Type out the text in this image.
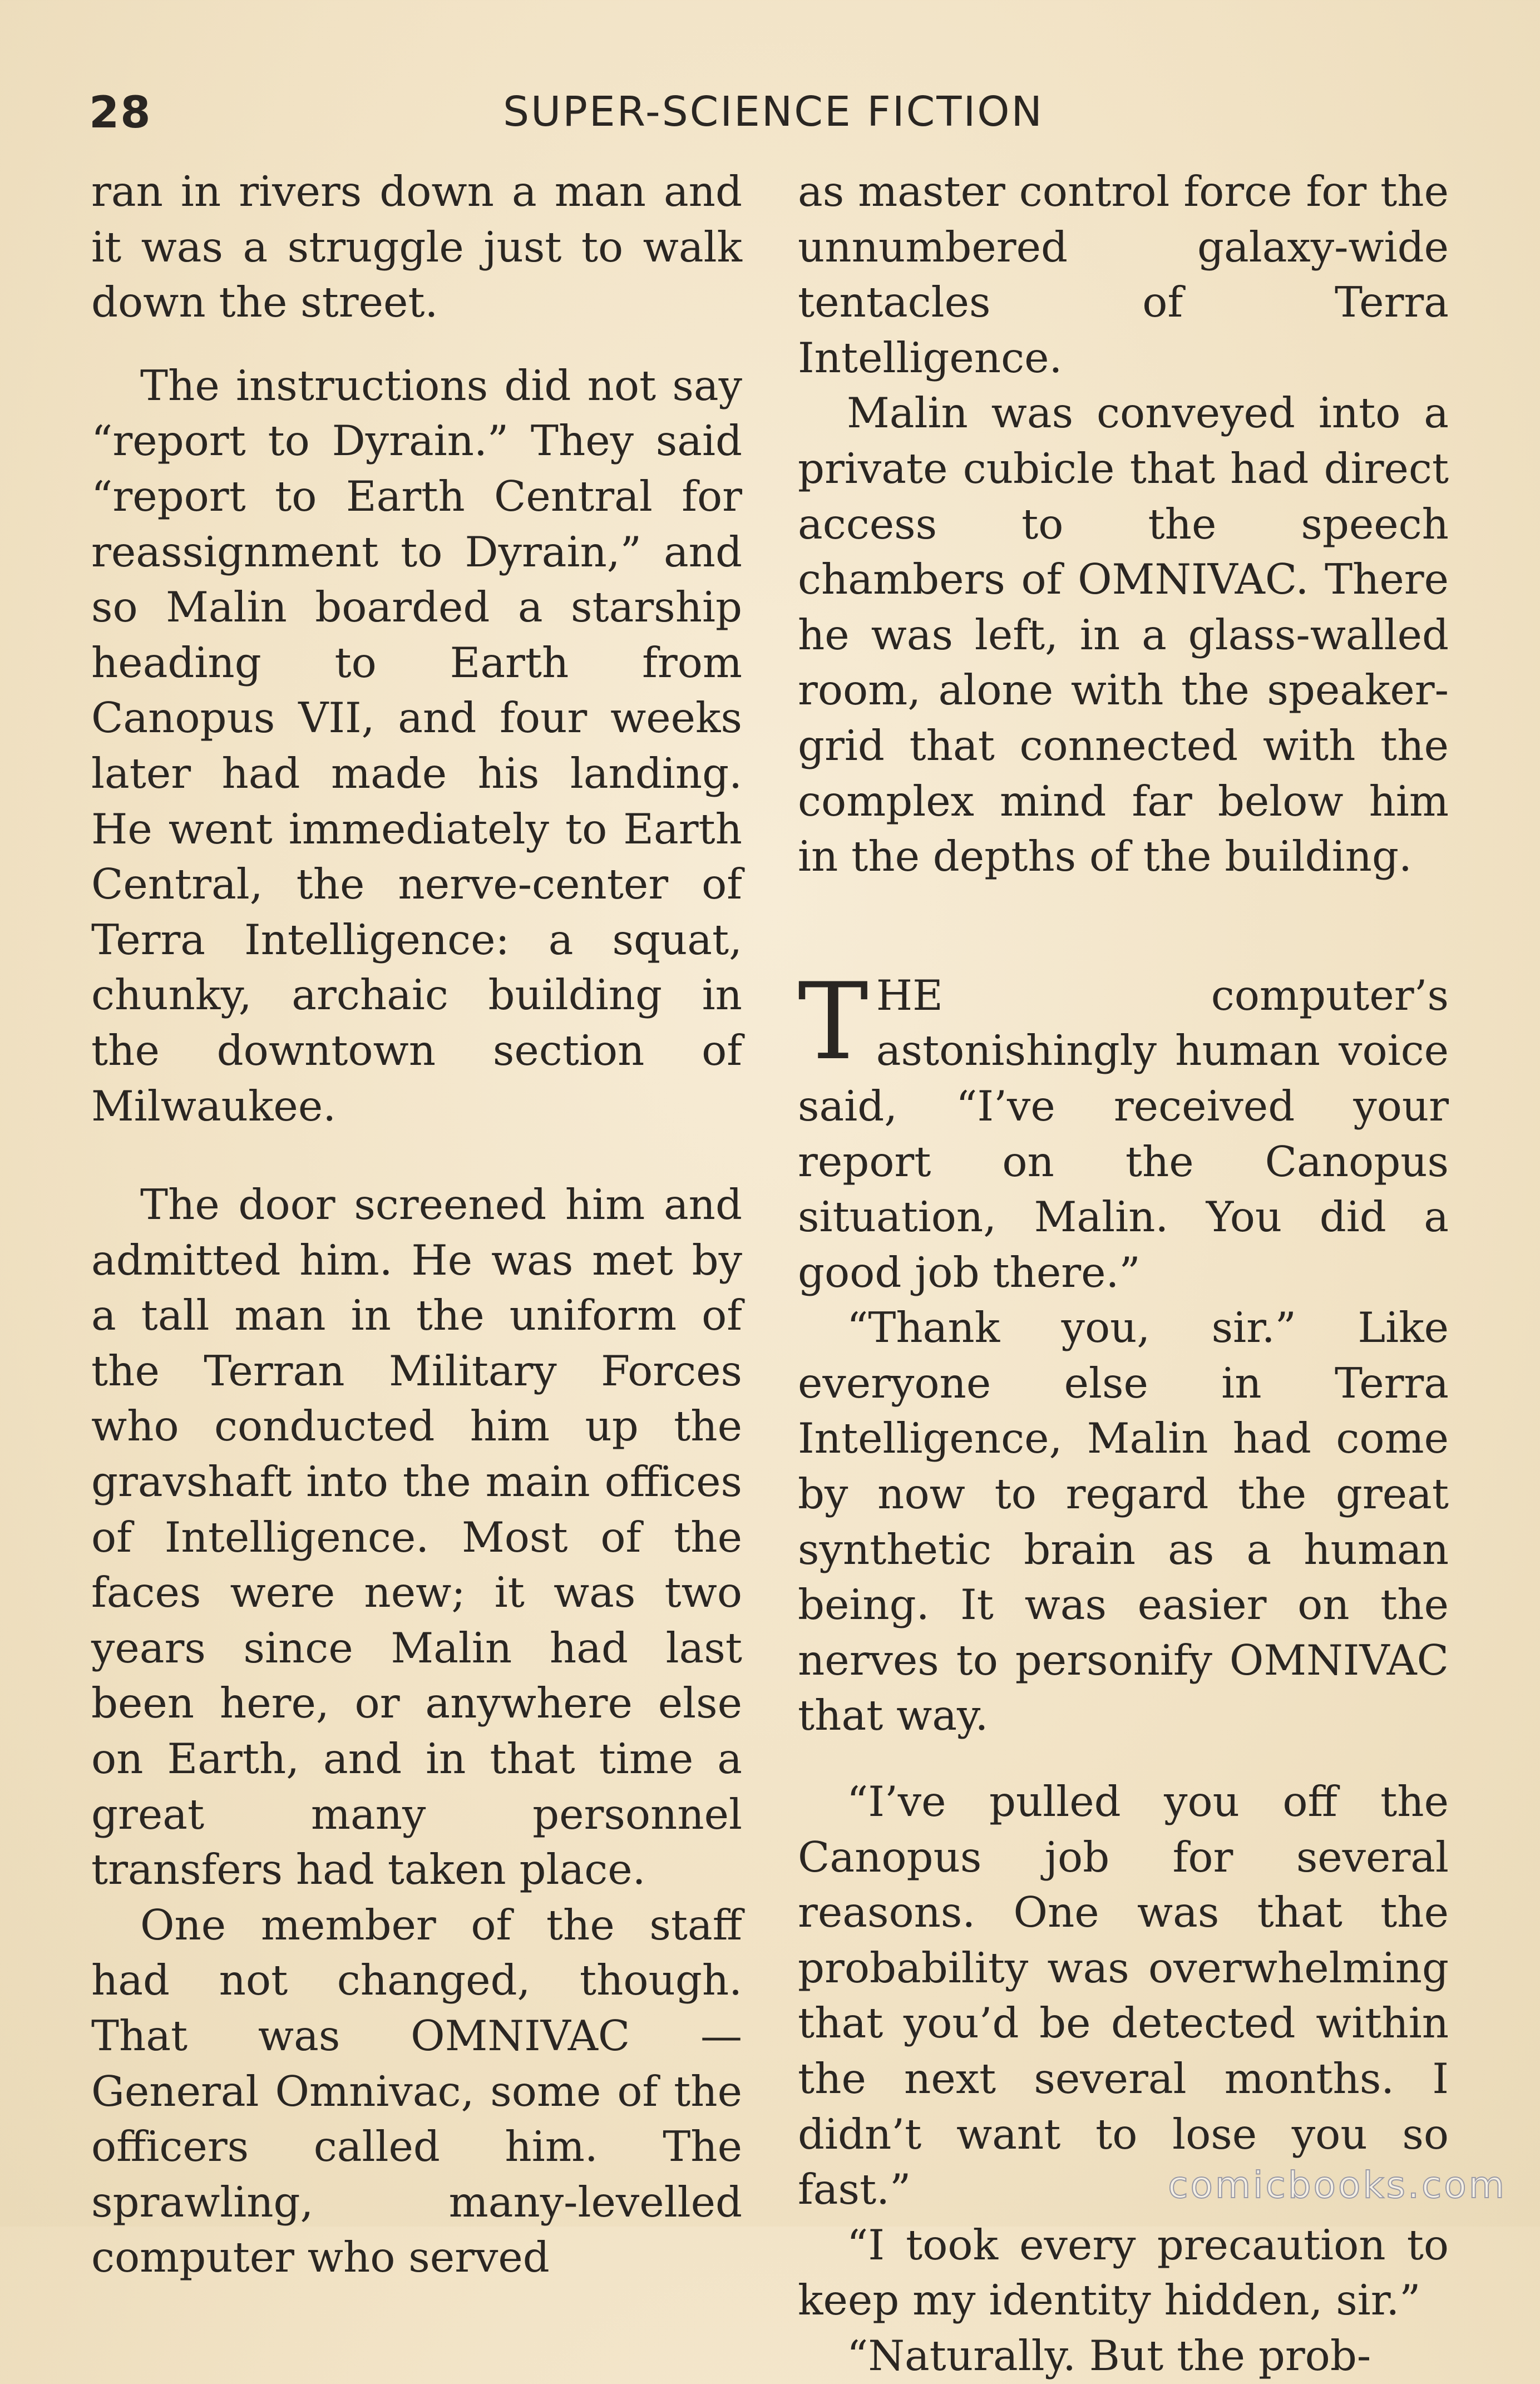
28	SUPER-SCIENCE FICTION

ran in rivers down a man and it was a struggle just to walk down the street.

The instructions did not say “report to Dyrain.” They said “report to Earth Central for reassignment to Dyrain,” and so Malin boarded a starship heading to Earth from Canopus VII, and four weeks later had made his landing. He went immediately to Earth Central, the nerve-center of Terra Intelligence: a squat, chunky, archaic building in the downtown section of Milwaukee.

The door screened him and admitted him. He was met by a tall man in the uniform of the Terran Military Forces who conducted him up the gravshaft into the main offices of Intelligence. Most of the faces were new; it was two years since Malin had last been here, or anywhere else on Earth, and in that time a great many personnel transfers had taken place.

One member of the staff had not changed, though. That was OMNIVAC — General Omnivac, some of the officers called him. The sprawling, many-levelled computer who served

as master control force for the unnumbered galaxy-wide tentacles of Terra Intelligence.

Malin was conveyed into a private cubicle that had direct access to the speech chambers of OMNIVAC. There he was left, in a glass-walled room, alone with the speaker-grid that connected with the complex mind far below him in the depths of the building.

THE computer’s astonishingly human voice said, “I’ve received your report on the Canopus situation, Malin. You did a good job there.”

“Thank you, sir.” Like everyone else in Terra Intelligence, Malin had come by now to regard the great synthetic brain as a human being. It was easier on the nerves to personify OMNIVAC that way.

“I’ve pulled you off the Canopus job for several reasons. One was that the probability was overwhelming that you’d be detected within the next several months. I didn’t want to lose you so fast.”

“I took every precaution to keep my identity hidden, sir.”

“Naturally. But the prob-

comicbooks.com
